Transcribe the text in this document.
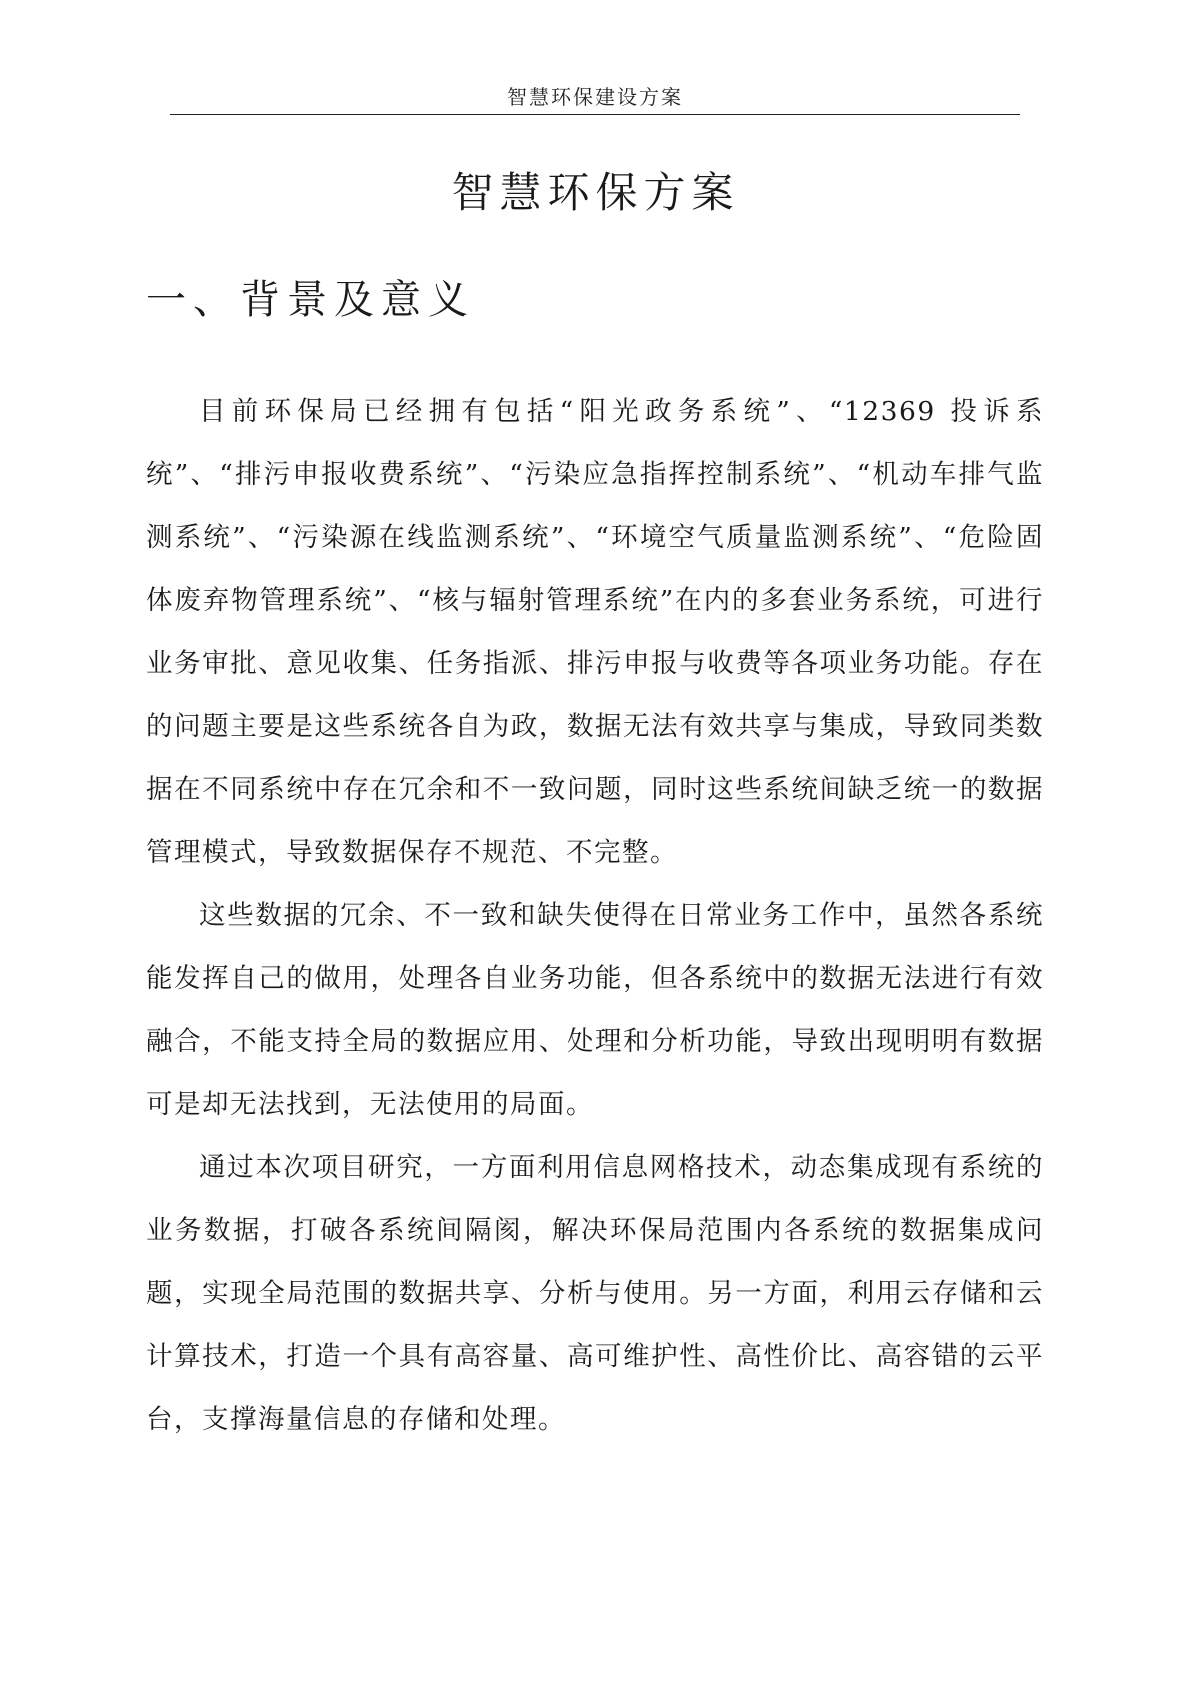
智慧环保建设方案
智慧环保方案
一、背景及意义

目前环保局已经拥有包括“阳光政务系统”、“12369 投诉系统”、“排污申报收费系统”、“污染应急指挥控制系统”、“机动车排气监测系统”、“污染源在线监测系统”、“环境空气质量监测系统”、“危险固体废弃物管理系统”、“核与辐射管理系统”在内的多套业务系统，可进行业务审批、意见收集、任务指派、排污申报与收费等各项业务功能。存在的问题主要是这些系统各自为政，数据无法有效共享与集成，导致同类数据在不同系统中存在冗余和不一致问题，同时这些系统间缺乏统一的数据管理模式，导致数据保存不规范、不完整。

这些数据的冗余、不一致和缺失使得在日常业务工作中，虽然各系统能发挥自己的做用，处理各自业务功能，但各系统中的数据无法进行有效融合，不能支持全局的数据应用、处理和分析功能，导致出现明明有数据可是却无法找到，无法使用的局面。

通过本次项目研究，一方面利用信息网格技术，动态集成现有系统的业务数据，打破各系统间隔阂，解决环保局范围内各系统的数据集成问题，实现全局范围的数据共享、分析与使用。另一方面，利用云存储和云计算技术，打造一个具有高容量、高可维护性、高性价比、高容错的云平台，支撑海量信息的存储和处理。
